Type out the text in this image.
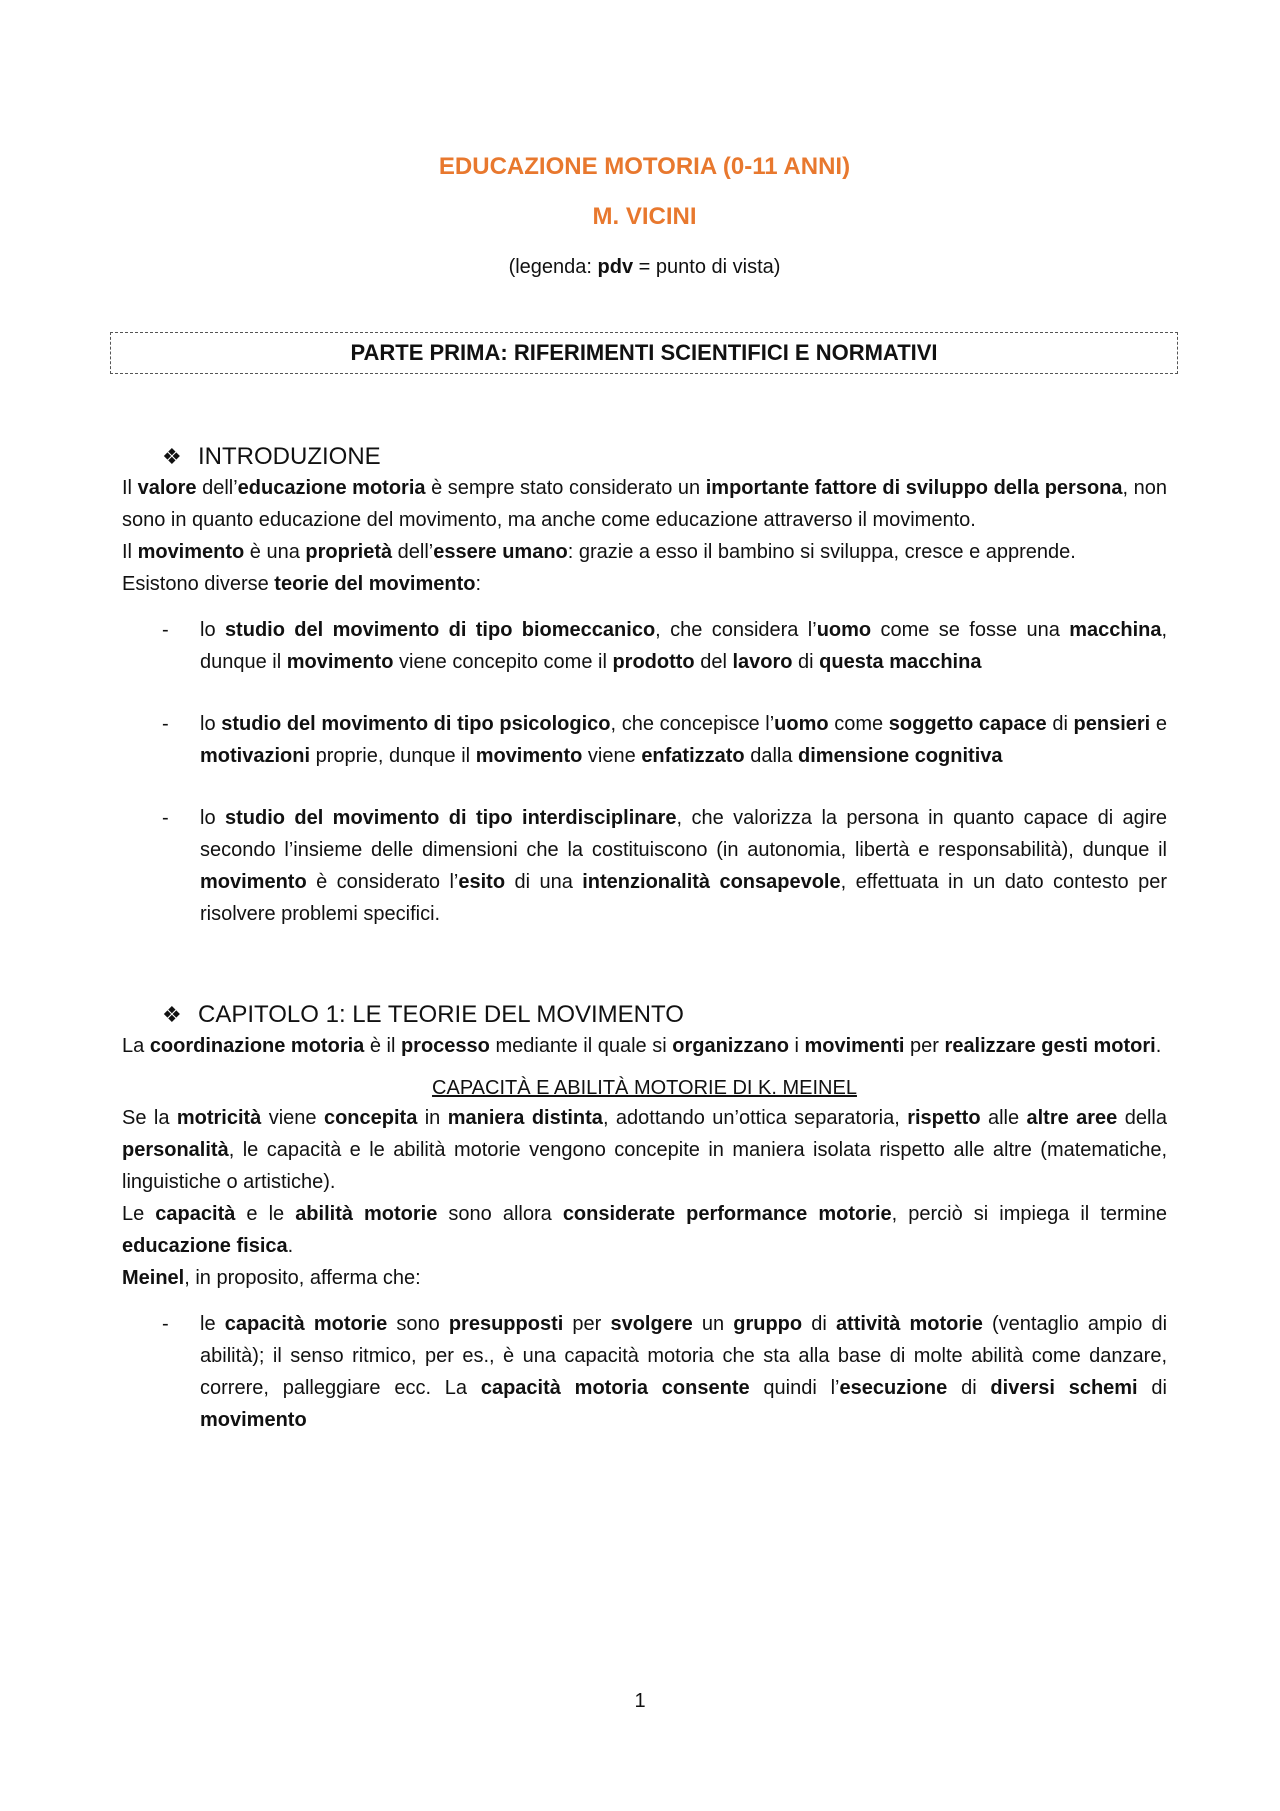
EDUCAZIONE MOTORIA (0-11 ANNI)
M. VICINI
(legenda: pdv = punto di vista)
PARTE PRIMA: RIFERIMENTI SCIENTIFICI E NORMATIVI
❖ INTRODUZIONE

Il valore dell’educazione motoria è sempre stato considerato un importante fattore di sviluppo della persona, non sono in quanto educazione del movimento, ma anche come educazione attraverso il movimento.

Il movimento è una proprietà dell’essere umano: grazie a esso il bambino si sviluppa, cresce e apprende.

Esistono diverse teorie del movimento:

-	lo studio del movimento di tipo biomeccanico, che considera l’uomo come se fosse una macchina, dunque il movimento viene concepito come il prodotto del lavoro di questa macchina
-	lo studio del movimento di tipo psicologico, che concepisce l’uomo come soggetto capace di pensieri e motivazioni proprie, dunque il movimento viene enfatizzato dalla dimensione cognitiva
-	lo studio del movimento di tipo interdisciplinare, che valorizza la persona in quanto capace di agire secondo l’insieme delle dimensioni che la costituiscono (in autonomia, libertà e responsabilità), dunque il movimento è considerato l’esito di una intenzionalità consapevole, effettuata in un dato contesto per risolvere problemi specifici.
❖ CAPITOLO 1: LE TEORIE DEL MOVIMENTO

La coordinazione motoria è il processo mediante il quale si organizzano i movimenti per realizzare gesti motori.

CAPACITÀ E ABILITÀ MOTORIE DI K. MEINEL

Se la motricità viene concepita in maniera distinta, adottando un’ottica separatoria, rispetto alle altre aree della personalità, le capacità e le abilità motorie vengono concepite in maniera isolata rispetto alle altre (matematiche, linguistiche o artistiche).

Le capacità e le abilità motorie sono allora considerate performance motorie, perciò si impiega il termine educazione fisica.

Meinel, in proposito, afferma che:

-	le capacità motorie sono presupposti per svolgere un gruppo di attività motorie (ventaglio ampio di abilità); il senso ritmico, per es., è una capacità motoria che sta alla base di molte abilità come danzare, correre, palleggiare ecc. La capacità motoria consente quindi l’esecuzione di diversi schemi di movimento
1
